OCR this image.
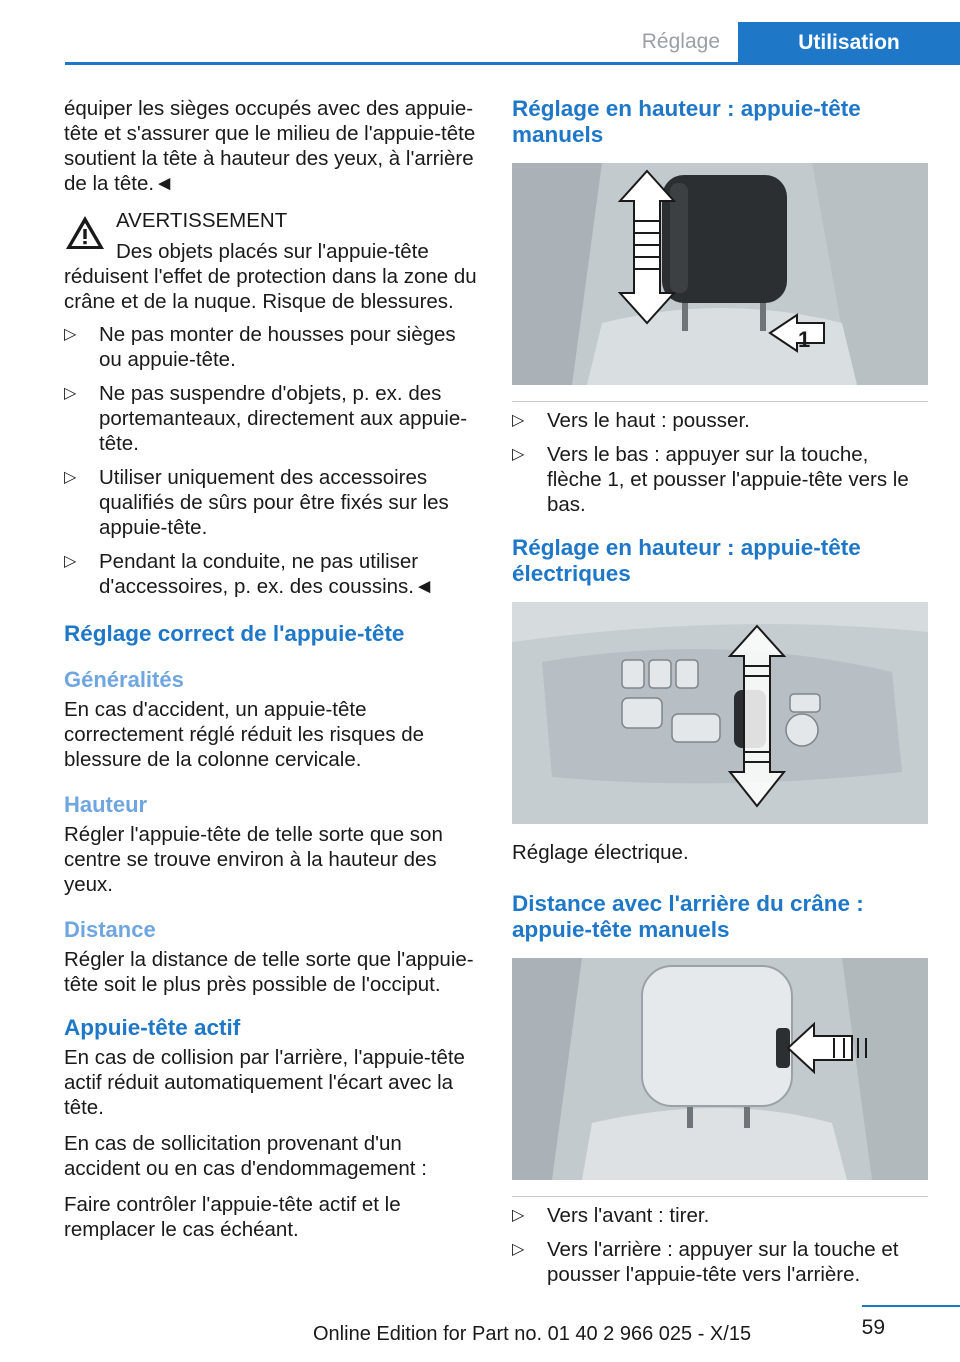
Réglage	Utilisation

équiper les sièges occupés avec des appuie-tête et s'assurer que le milieu de l'appuie-tête soutient la tête à hauteur des yeux, à l'arrière de la tête.◄

AVERTISSEMENT
Des objets placés sur l'appuie-tête réduisent l'effet de protection dans la zone du crâne et de la nuque. Risque de blessures.
▷ Ne pas monter de housses pour sièges ou appuie-tête.
▷ Ne pas suspendre d'objets, p. ex. des portemanteaux, directement aux appuie-tête.
▷ Utiliser uniquement des accessoires qualifiés de sûrs pour être fixés sur les appuie-tête.
▷ Pendant la conduite, ne pas utiliser d'accessoires, p. ex. des coussins.◄
Réglage correct de l'appuie-tête
Généralités

En cas d'accident, un appuie-tête correctement réglé réduit les risques de blessure de la colonne cervicale.

Hauteur

Régler l'appuie-tête de telle sorte que son centre se trouve environ à la hauteur des yeux.

Distance

Régler la distance de telle sorte que l'appuie-tête soit le plus près possible de l'occiput.

Appuie-tête actif

En cas de collision par l'arrière, l'appuie-tête actif réduit automatiquement l'écart avec la tête.

En cas de sollicitation provenant d'un accident ou en cas d'endommagement :

Faire contrôler l'appuie-tête actif et le remplacer le cas échéant.

Réglage en hauteur : appuie-tête manuels
1
▷ Vers le haut : pousser.
▷ Vers le bas : appuyer sur la touche, flèche 1, et pousser l'appuie-tête vers le bas.
Réglage en hauteur : appuie-tête électriques

Réglage électrique.

Distance avec l'arrière du crâne : appuie-tête manuels
▷ Vers l'avant : tirer.
▷ Vers l'arrière : appuyer sur la touche et pousser l'appuie-tête vers l'arrière.
59
Online Edition for Part no. 01 40 2 966 025 - X/15
